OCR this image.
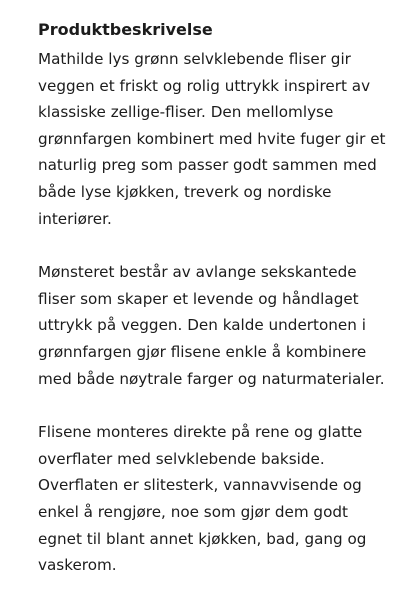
Produktbeskrivelse
Mathilde lys grønn selvklebende fliser gir
veggen et friskt og rolig uttrykk inspirert av
klassiske zellige-fliser. Den mellomlyse
grønnfargen kombinert med hvite fuger gir et
naturlig preg som passer godt sammen med
både lyse kjøkken, treverk og nordiske
interiører.
Mønsteret består av avlange sekskantede
fliser som skaper et levende og håndlaget
uttrykk på veggen. Den kalde undertonen i
grønnfargen gjør flisene enkle å kombinere
med både nøytrale farger og naturmaterialer.
Flisene monteres direkte på rene og glatte
overflater med selvklebende bakside.
Overflaten er slitesterk, vannavvisende og
enkel å rengjøre, noe som gjør dem godt
egnet til blant annet kjøkken, bad, gang og
vaskerom.
